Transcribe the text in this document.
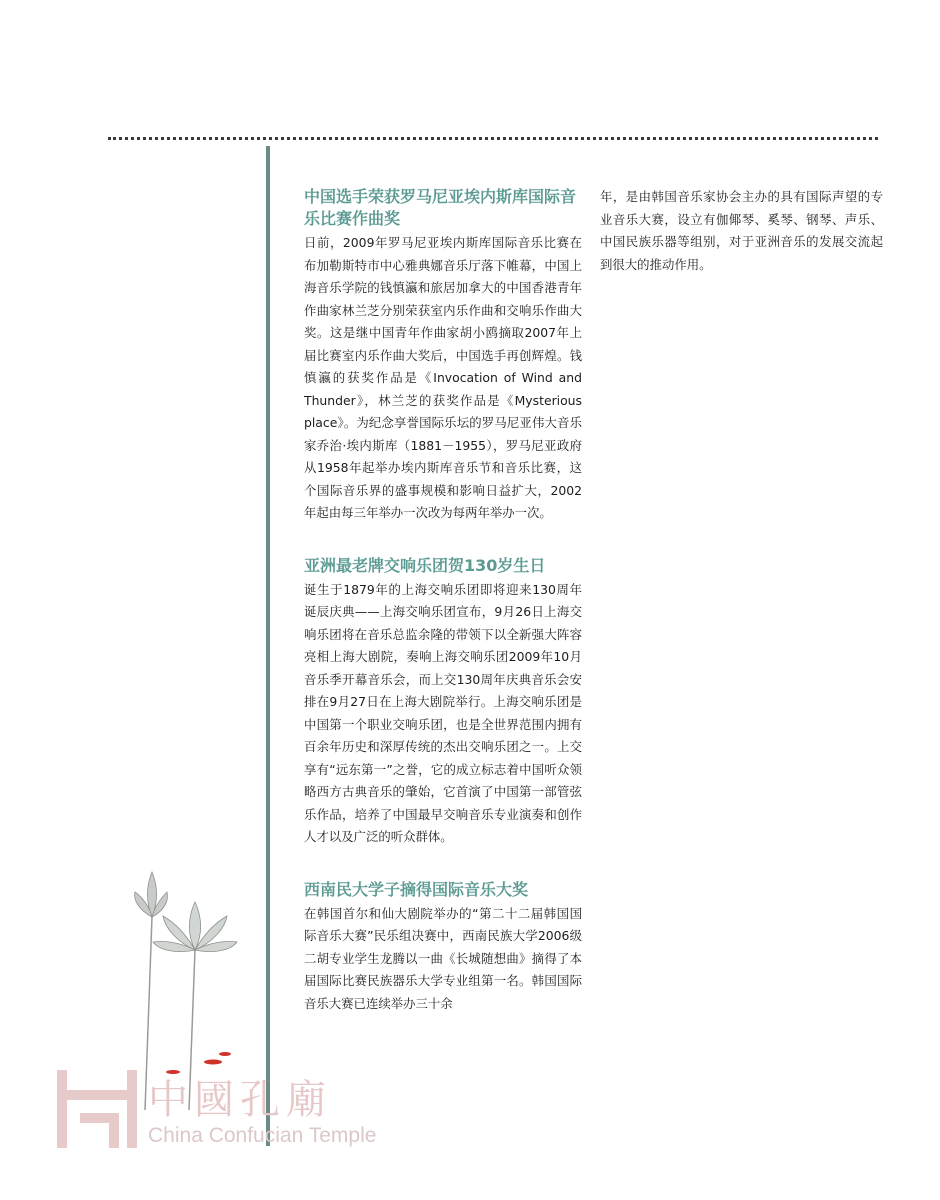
中国选手荣获罗马尼亚埃内斯库国际音乐比赛作曲奖

日前，2009年罗马尼亚埃内斯库国际音乐比赛在布加勒斯特市中心雅典娜音乐厅落下帷幕，中国上海音乐学院的钱慎瀛和旅居加拿大的中国香港青年作曲家林兰芝分别荣获室内乐作曲和交响乐作曲大奖。这是继中国青年作曲家胡小鸥摘取2007年上届比赛室内乐作曲大奖后，中国选手再创辉煌。钱慎瀛的获奖作品是《Invocation of Wind and Thunder》，林兰芝的获奖作品是《Mysterious place》。为纪念享誉国际乐坛的罗马尼亚伟大音乐家乔治·埃内斯库（1881－1955），罗马尼亚政府从1958年起举办埃内斯库音乐节和音乐比赛，这个国际音乐界的盛事规模和影响日益扩大，2002年起由每三年举办一次改为每两年举办一次。

亚洲最老牌交响乐团贺130岁生日

诞生于1879年的上海交响乐团即将迎来130周年诞辰庆典——上海交响乐团宣布，9月26日上海交响乐团将在音乐总监余隆的带领下以全新强大阵容亮相上海大剧院，奏响上海交响乐团2009年10月音乐季开幕音乐会，而上交130周年庆典音乐会安排在9月27日在上海大剧院举行。上海交响乐团是中国第一个职业交响乐团，也是全世界范围内拥有百余年历史和深厚传统的杰出交响乐团之一。上交享有“远东第一”之誉，它的成立标志着中国听众领略西方古典音乐的肇始，它首演了中国第一部管弦乐作品，培养了中国最早交响音乐专业演奏和创作人才以及广泛的听众群体。

西南民大学子摘得国际音乐大奖

在韩国首尔和仙大剧院举办的“第二十二届韩国国际音乐大赛”民乐组决赛中，西南民族大学2006级二胡专业学生龙腾以一曲《长城随想曲》摘得了本届国际比赛民族器乐大学专业组第一名。韩国国际音乐大赛已连续举办三十余

年，是由韩国音乐家协会主办的具有国际声望的专业音乐大赛，设立有伽倻琴、奚琴、钢琴、声乐、中国民族乐器等组别，对于亚洲音乐的发展交流起到很大的推动作用。

中國孔廟
China Confucian Temple
